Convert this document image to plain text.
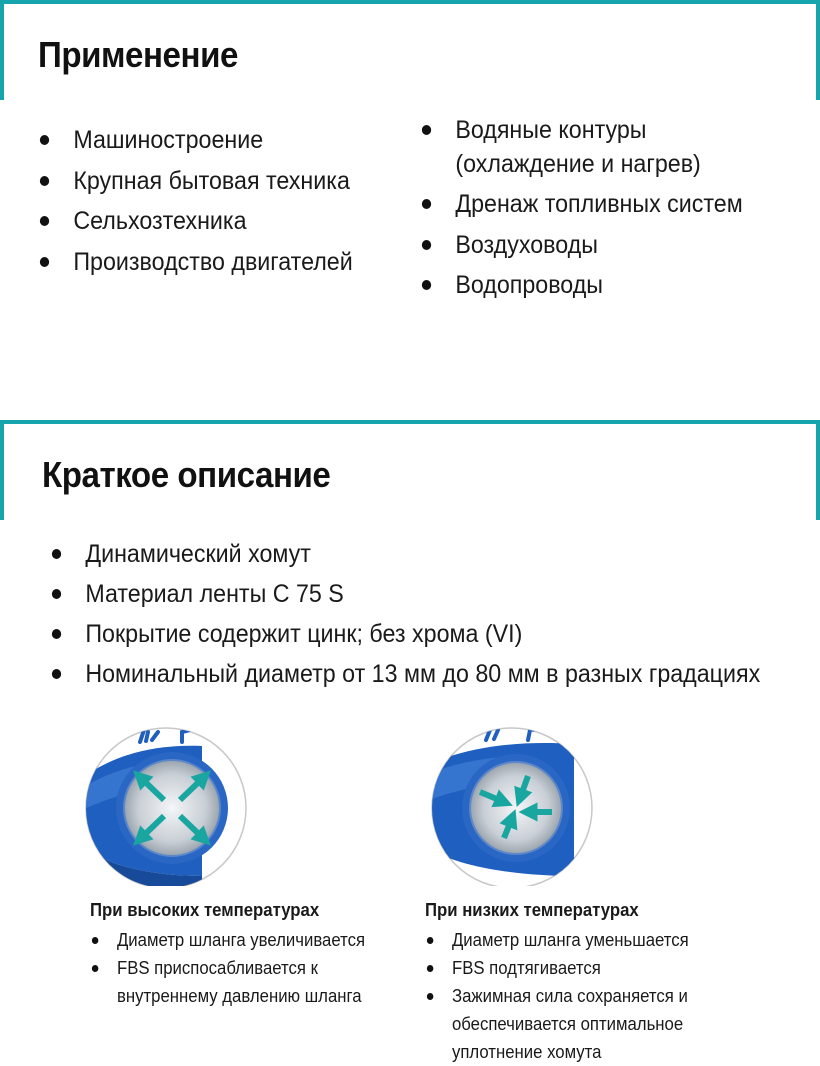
Применение
Машиностроение
Крупная бытовая техника
Сельхозтехника
Производство двигателей
Водяные контуры
(охлаждение и нагрев)
Дренаж топливных систем
Воздуховоды
Водопроводы
Краткое описание
Динамический хомут
Материал ленты С 75 S
Покрытие содержит цинк; без хрома (VI)
Номинальный диаметр от 13 мм до 80 мм в разных градациях
При высоких температурах
Диаметр шланга увеличивается
FBS приспосабливается к
внутреннему давлению шланга
При низких температурах
Диаметр шланга уменьшается
FBS подтягивается
Зажимная сила сохраняется и
обеспечивается оптимальное
уплотнение хомута
